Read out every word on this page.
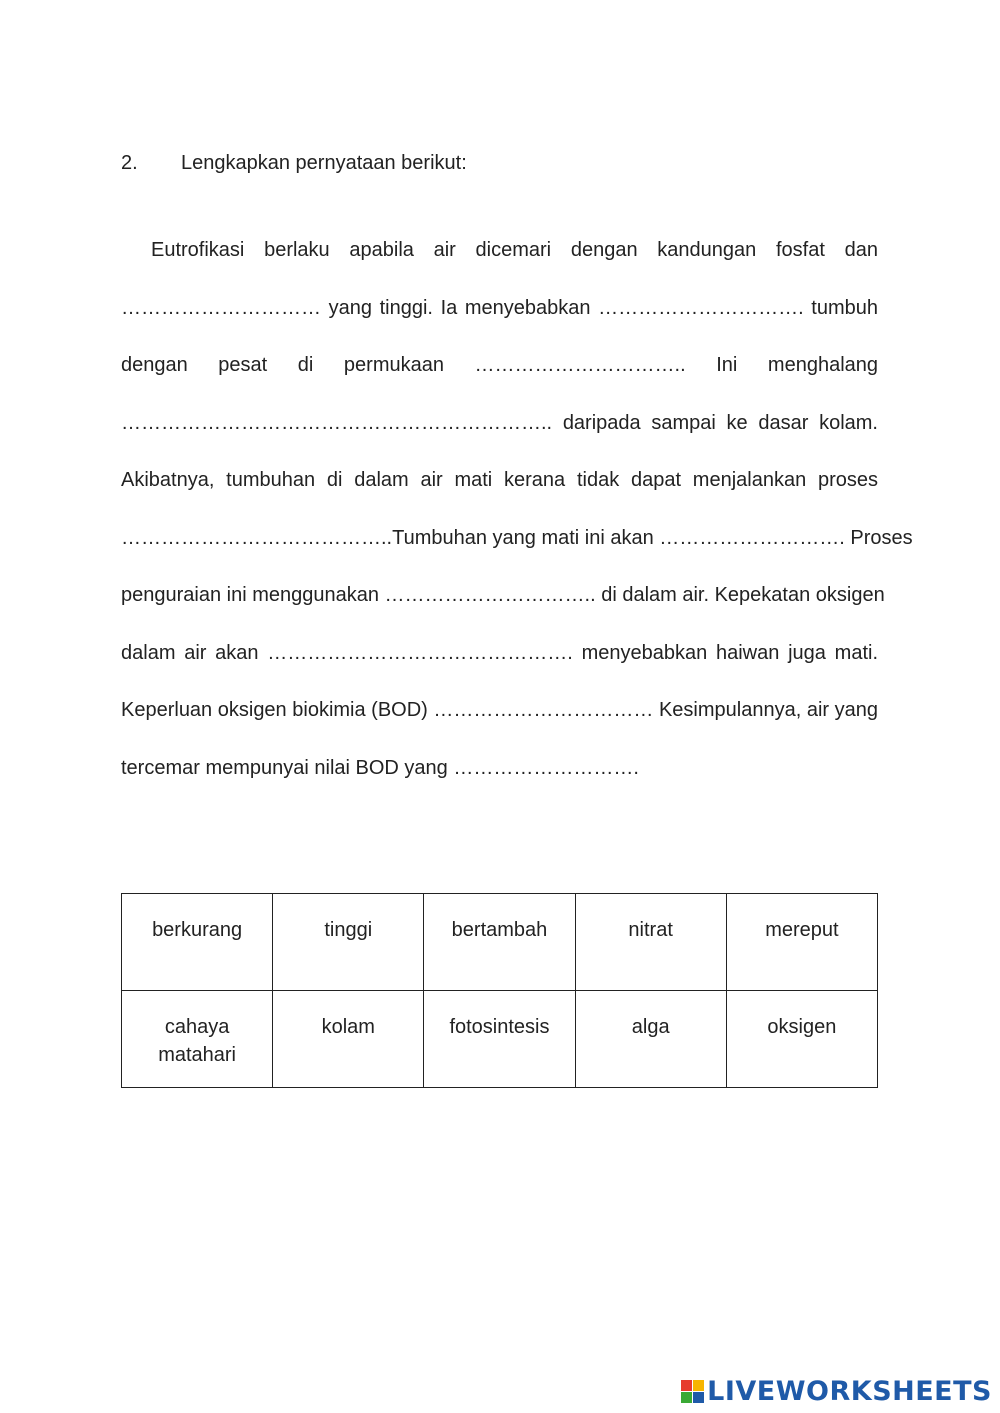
2. Lengkapkan pernyataan berikut:
Eutrofikasi berlaku apabila air dicemari dengan kandungan fosfat dan
………………………… yang tinggi. Ia menyebabkan …………………………. tumbuh
dengan pesat di permukaan ………………………….. Ini menghalang
……………………………………………………….. daripada sampai ke dasar kolam.
Akibatnya, tumbuhan di dalam air mati kerana tidak dapat menjalankan proses
…………………………………..Tumbuhan yang mati ini akan ………………………. Proses
penguraian ini menggunakan ………………………….. di dalam air. Kepekatan oksigen
dalam air akan ………………………………………. menyebabkan haiwan juga mati.
Keperluan oksigen biokimia (BOD) …………………………… Kesimpulannya, air yang
tercemar mempunyai nilai BOD yang ……………………….
berkurang	tinggi	bertambah	nitrat	mereput
cahaya matahari	kolam	fotosintesis	alga	oksigen
LIVEWORKSHEETS
